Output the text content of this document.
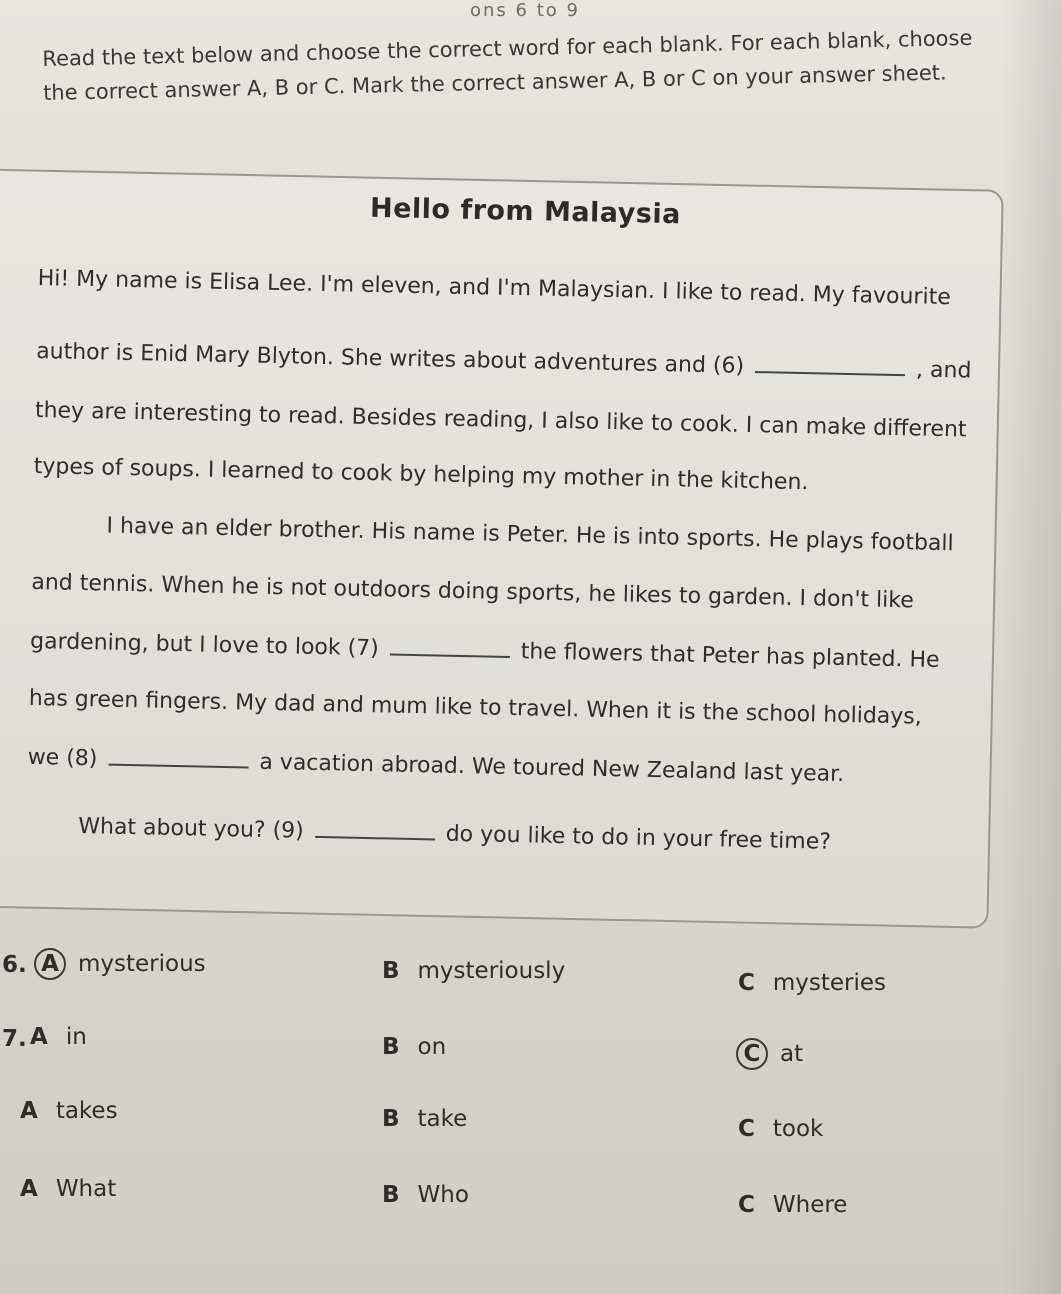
ons 6 to 9
Read the text below and choose the correct word for each blank. For each blank, choose
the correct answer A, B or C. Mark the correct answer A, B or C on your answer sheet.
Hello from Malaysia
Hi! My name is Elisa Lee. I'm eleven, and I'm Malaysian. I like to read. My favourite
author is Enid Mary Blyton. She writes about adventures and (6)	, and
they are interesting to read. Besides reading, I also like to cook. I can make different
types of soups. I learned to cook by helping my mother in the kitchen.
I have an elder brother. His name is Peter. He is into sports. He plays football
and tennis. When he is not outdoors doing sports, he likes to garden. I don't like
gardening, but I love to look (7)	the flowers that Peter has planted. He
has green fingers. My dad and mum like to travel. When it is the school holidays,
we (8)	a vacation abroad. We toured New Zealand last year.
What about you? (9)	do you like to do in your free time?
6. A mysterious	B mysteriously	C mysteries
7. A in	B on	C at
A takes	B take	C took
A What	B Who	C Where
